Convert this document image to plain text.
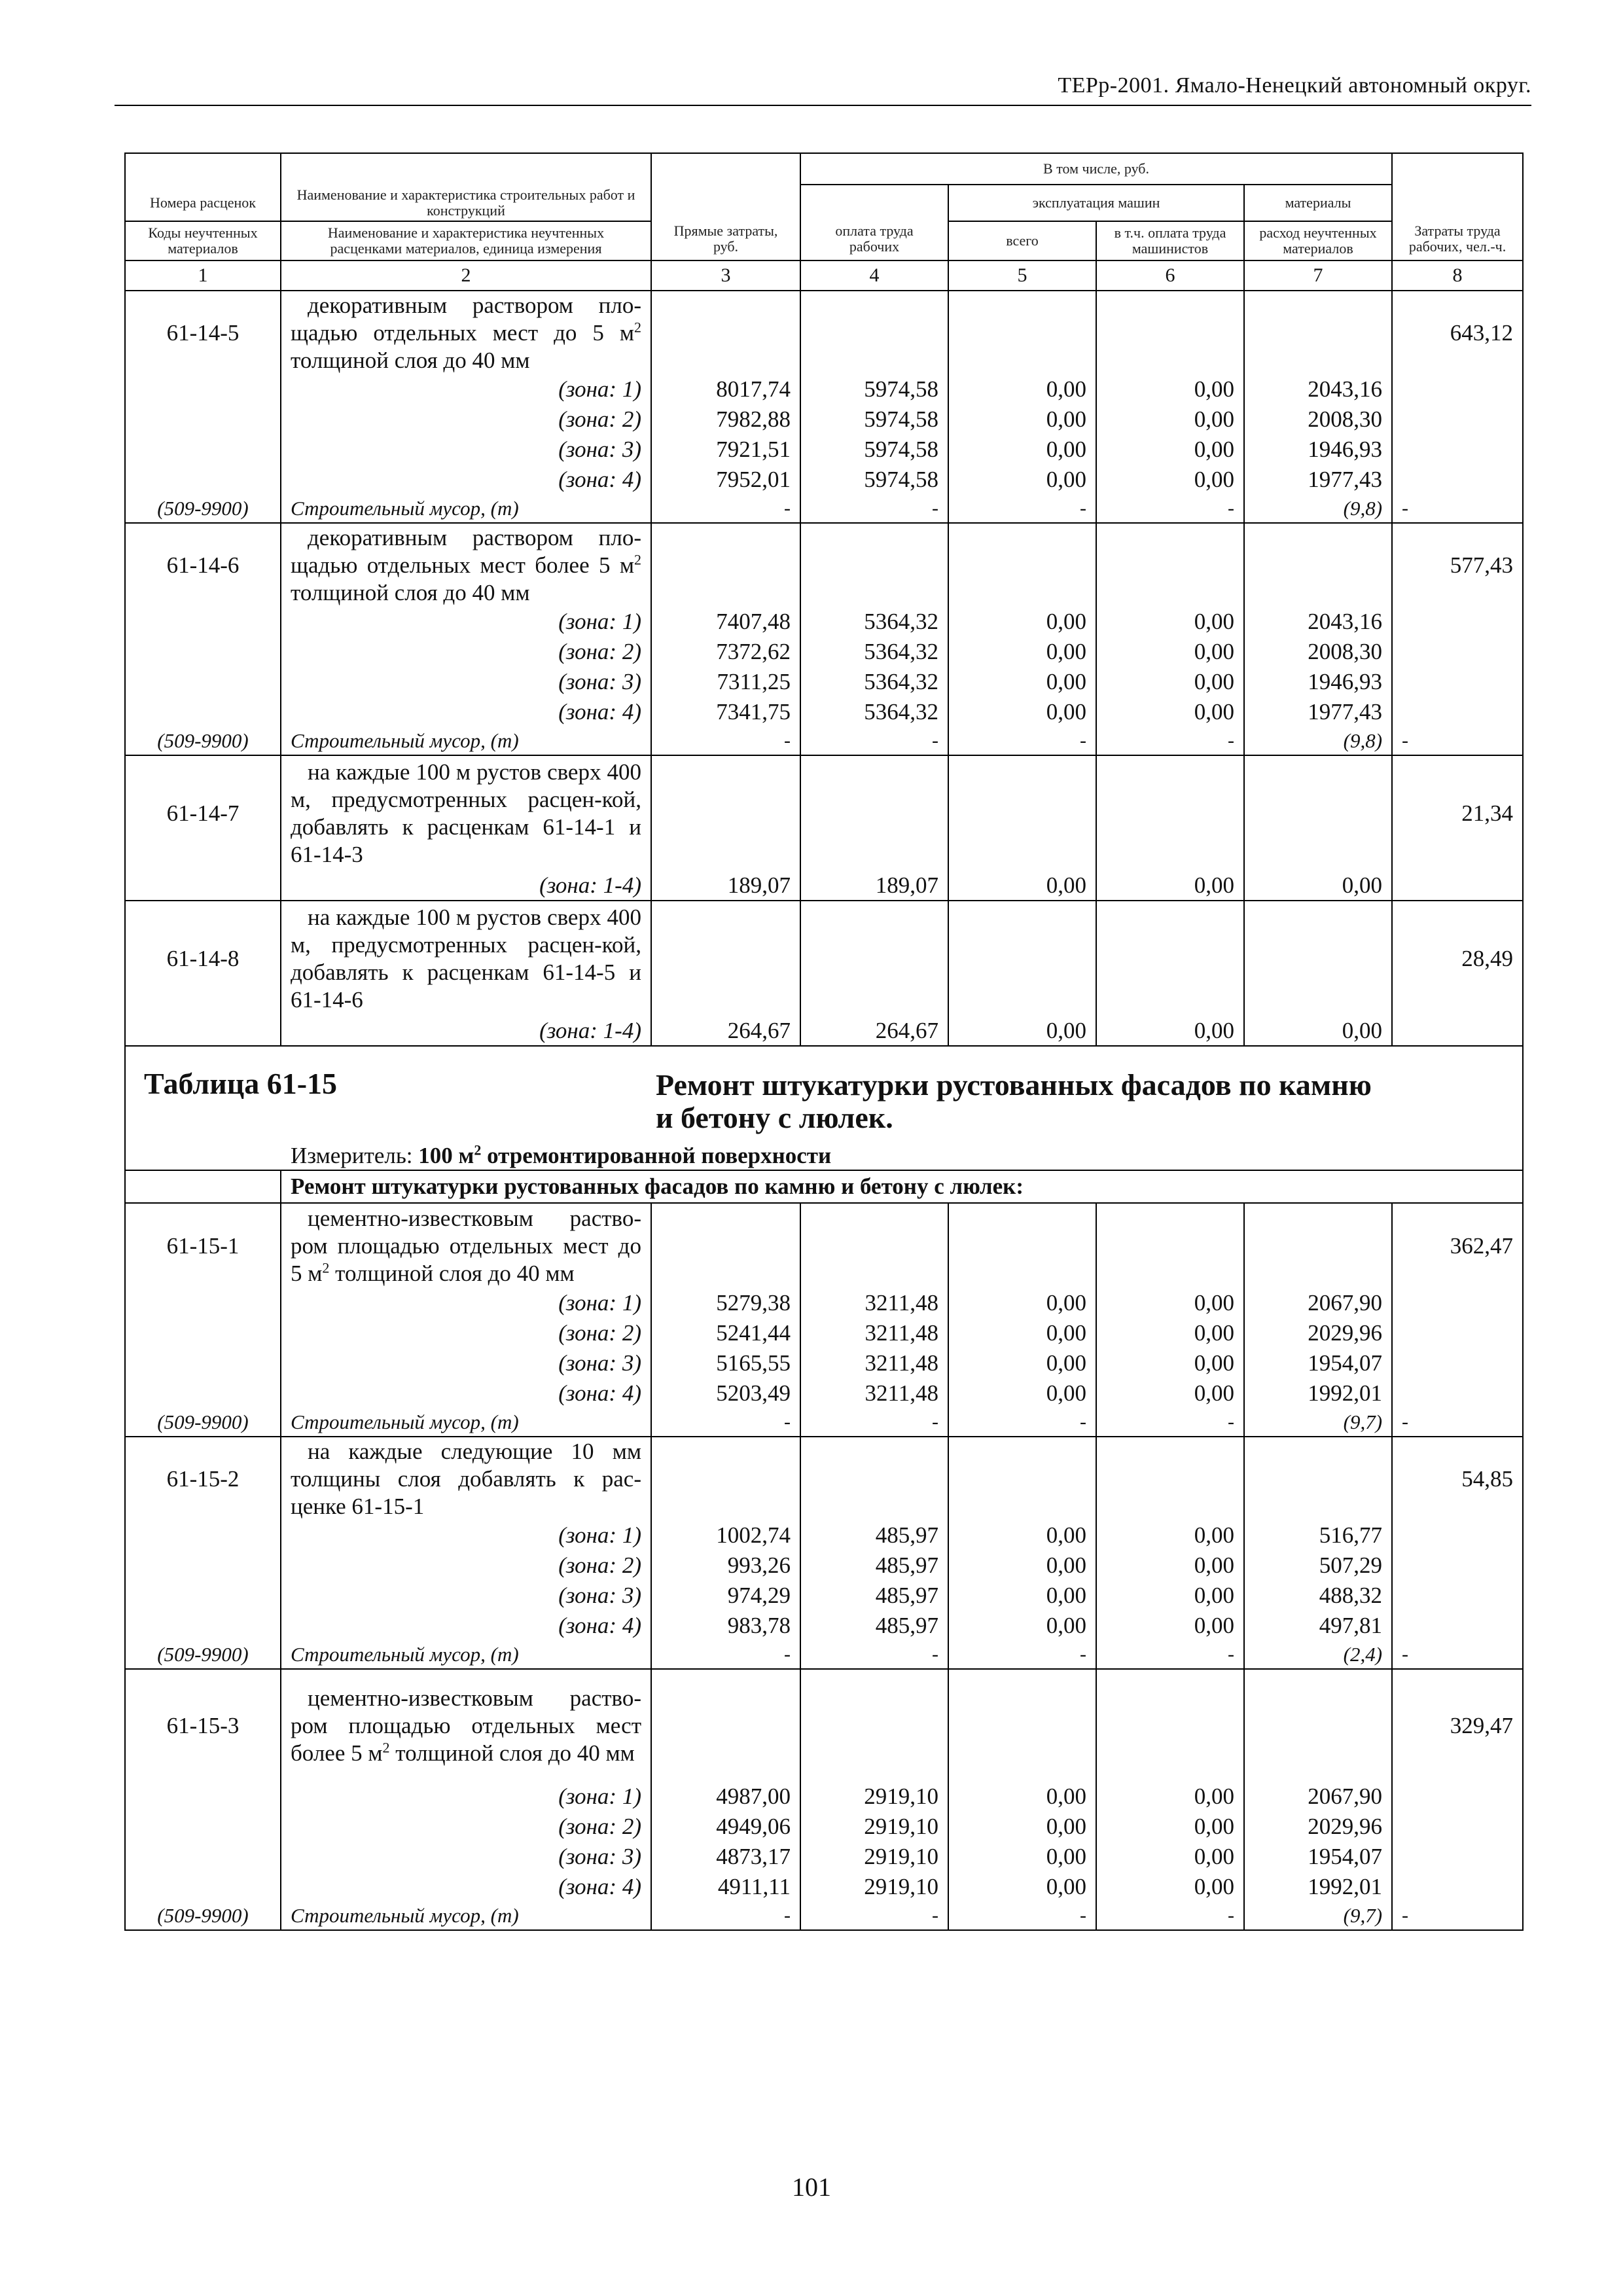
ТЕРр-2001. Ямало-Ненецкий автономный округ.
		Прямые затраты, руб.	В том числе, руб.				Затраты труда рабочих, чел.-ч.
Номера расценок	Наименование и характеристика строительных работ и конструкций		оплата труда рабочих	эксплуатация машин		материалы	
Коды неучтенных материалов	Наименование и характеристика неучтенных расценками материалов, единица измерения			всего	в т.ч. оплата труда машинистов	расход неучтенных материалов	
1	2	3	4	5	6	7	8
61-14-5	декоративным раствором пло-щадью отдельных мест до 5 $м^2$ толщиной слоя до 40 мм						643,12
	(зона: 1)	8017,74	5974,58	0,00	0,00	2043,16	
	(зона: 2)	7982,88	5974,58	0,00	0,00	2008,30	
	(зона: 3)	7921,51	5974,58	0,00	0,00	1946,93	
	(зона: 4)	7952,01	5974,58	0,00	0,00	1977,43	
(509-9900)	Строительный мусор, (т)	-	-	-	-	(9,8)	-
61-14-6	декоративным раствором пло-щадью отдельных мест более 5 $м^2$ толщиной слоя до 40 мм						577,43
	(зона: 1)	7407,48	5364,32	0,00	0,00	2043,16	
	(зона: 2)	7372,62	5364,32	0,00	0,00	2008,30	
	(зона: 3)	7311,25	5364,32	0,00	0,00	1946,93	
	(зона: 4)	7341,75	5364,32	0,00	0,00	1977,43	
(509-9900)	Строительный мусор, (т)	-	-	-	-	(9,8)	-
61-14-7	на каждые 100 м рустов сверх 400 м, предусмотренных расцен-кой, добавлять к расценкам 61-14-1 и 61-14-3						21,34
	(зона: 1-4)	189,07	189,07	0,00	0,00	0,00	
61-14-8	на каждые 100 м рустов сверх 400 м, предусмотренных расцен-кой, добавлять к расценкам 61-14-5 и 61-14-6						28,49
	(зона: 1-4)	264,67	264,67	0,00	0,00	0,00	

Таблица 61-15 Ремонт штукатурки рустованных фасадов по камню
и бетону с люлек.
Измеритель: 100 $м^2$ отремонтированной поверхности							

	Ремонт штукатурки рустованных фасадов по камню и бетону с люлек:						
61-15-1	цементно-известковым раство-ром площадью отдельных мест до 5 $м^2$ толщиной слоя до 40 мм						362,47
	(зона: 1)	5279,38	3211,48	0,00	0,00	2067,90	
	(зона: 2)	5241,44	3211,48	0,00	0,00	2029,96	
	(зона: 3)	5165,55	3211,48	0,00	0,00	1954,07	
	(зона: 4)	5203,49	3211,48	0,00	0,00	1992,01	
(509-9900)	Строительный мусор, (т)	-	-	-	-	(9,7)	-
61-15-2	на каждые следующие 10 мм толщины слоя добавлять к рас-ценке 61-15-1						54,85
	(зона: 1)	1002,74	485,97	0,00	0,00	516,77	
	(зона: 2)	993,26	485,97	0,00	0,00	507,29	
	(зона: 3)	974,29	485,97	0,00	0,00	488,32	
	(зона: 4)	983,78	485,97	0,00	0,00	497,81	
(509-9900)	Строительный мусор, (т)	-	-	-	-	(2,4)	-
61-15-3	цементно-известковым раство-ром площадью отдельных мест более 5 $м^2$ толщиной слоя до 40 мм						329,47
	(зона: 1)	4987,00	2919,10	0,00	0,00	2067,90	
	(зона: 2)	4949,06	2919,10	0,00	0,00	2029,96	
	(зона: 3)	4873,17	2919,10	0,00	0,00	1954,07	
	(зона: 4)	4911,11	2919,10	0,00	0,00	1992,01	
(509-9900)	Строительный мусор, (т)	-	-	-	-	(9,7)	-
101
